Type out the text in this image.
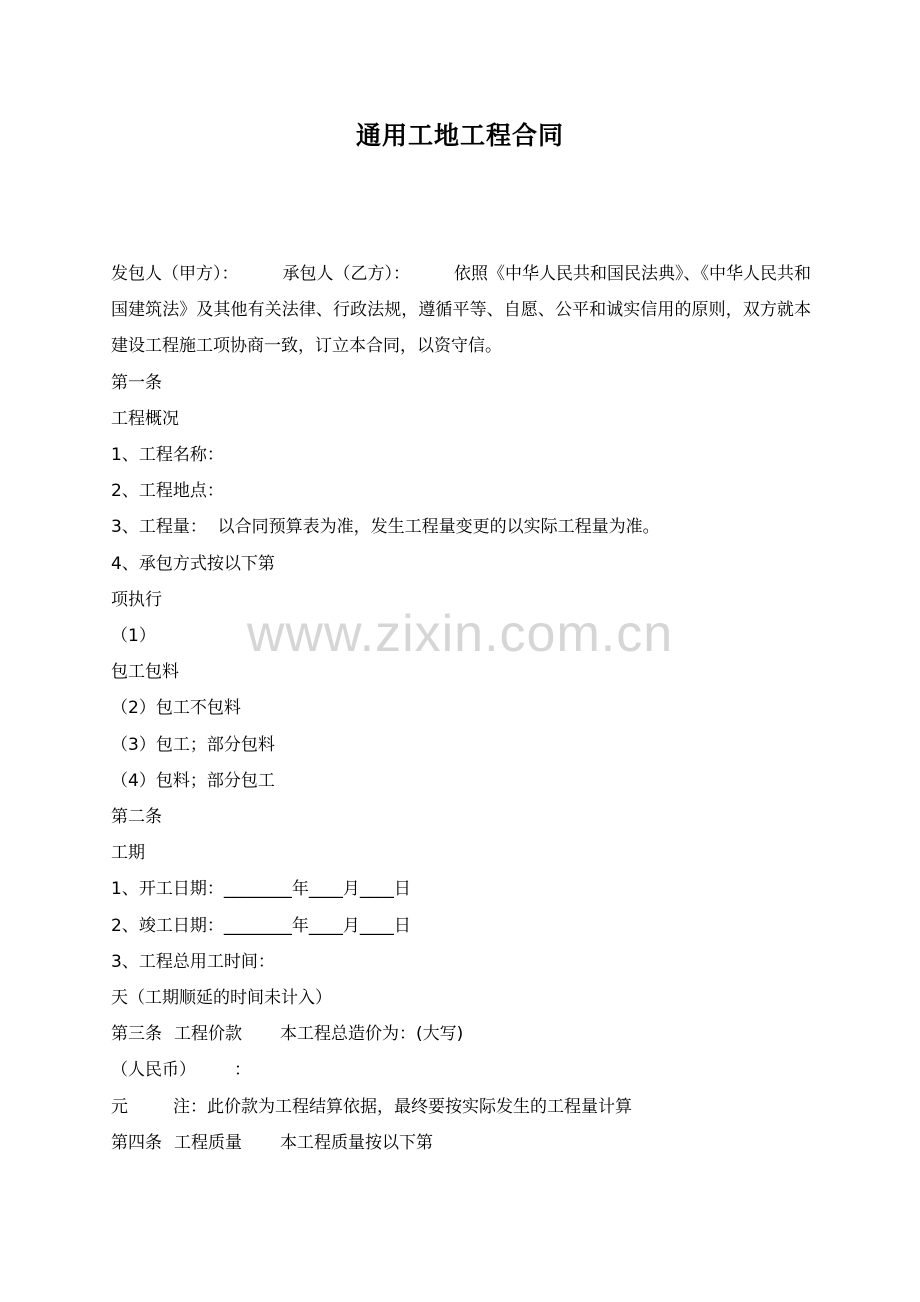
通用工地工程合同
www.zixin.com.cn

发包人（甲方）：	承包人（乙方）：	依照《中华人民共和国民法典》、《中华人民共和国建筑法》及其他有关法律、行政法规，遵循平等、自愿、公平和诚实信用的原则，双方就本建设工程施工项协商一致，订立本合同，以资守信。

第一条

工程概况

1、工程名称：

2、工程地点：

3、工程量：  以合同预算表为准，发生工程量变更的以实际工程量为准。

4、承包方式按以下第

项执行

（1）

包工包料

（2）包工不包料

（3）包工；部分包料

（4）包料；部分包工

第二条

工期

1、开工日期：________年____月____日

2、竣工日期：________年____月____日

3、工程总用工时间：

天（工期顺延的时间未计入）

第三条 工程价款 本工程总造价为：(大写)

（人民币） ：

元	注：此价款为工程结算依据，最终要按实际发生的工程量计算

第四条 工程质量 本工程质量按以下第
